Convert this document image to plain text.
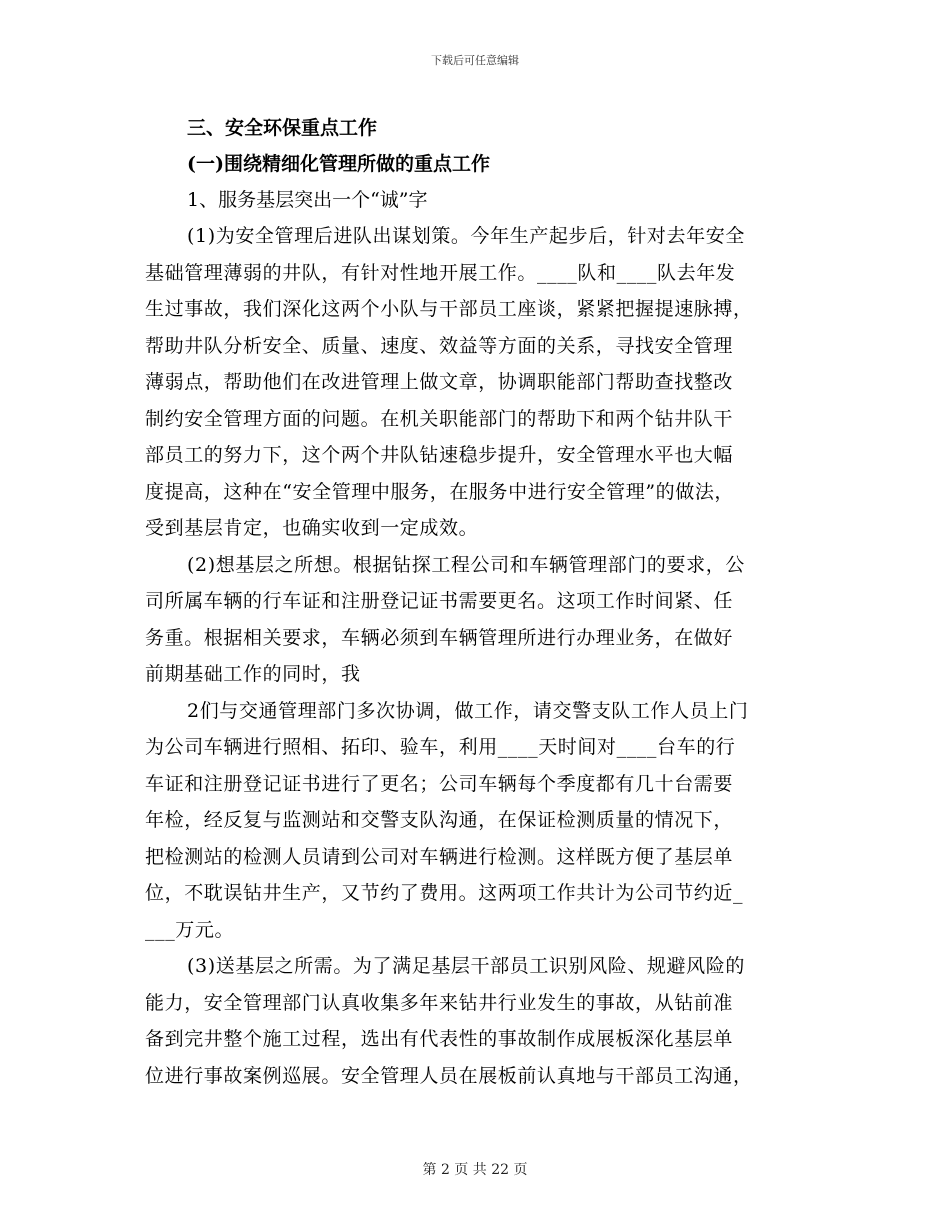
下载后可任意编辑

三、安全环保重点工作

(一)围绕精细化管理所做的重点工作

1、服务基层突出一个“诚”字

(1)为安全管理后进队出谋划策。今年生产起步后，针对去年安全

基础管理薄弱的井队，有针对性地开展工作。____队和____队去年发

生过事故，我们深化这两个小队与干部员工座谈，紧紧把握提速脉搏，

帮助井队分析安全、质量、速度、效益等方面的关系，寻找安全管理

薄弱点，帮助他们在改进管理上做文章，协调职能部门帮助查找整改

制约安全管理方面的问题。在机关职能部门的帮助下和两个钻井队干

部员工的努力下，这个两个井队钻速稳步提升，安全管理水平也大幅

度提高，这种在“安全管理中服务，在服务中进行安全管理”的做法，

受到基层肯定，也确实收到一定成效。

(2)想基层之所想。根据钻探工程公司和车辆管理部门的要求，公

司所属车辆的行车证和注册登记证书需要更名。这项工作时间紧、任

务重。根据相关要求，车辆必须到车辆管理所进行办理业务，在做好

前期基础工作的同时，我

2们与交通管理部门多次协调，做工作，请交警支队工作人员上门

为公司车辆进行照相、拓印、验车，利用____天时间对____台车的行

车证和注册登记证书进行了更名；公司车辆每个季度都有几十台需要

年检，经反复与监测站和交警支队沟通，在保证检测质量的情况下，

把检测站的检测人员请到公司对车辆进行检测。这样既方便了基层单

位，不耽误钻井生产，又节约了费用。这两项工作共计为公司节约近_

___万元。

(3)送基层之所需。为了满足基层干部员工识别风险、规避风险的

能力，安全管理部门认真收集多年来钻井行业发生的事故，从钻前准

备到完井整个施工过程，选出有代表性的事故制作成展板深化基层单

位进行事故案例巡展。安全管理人员在展板前认真地与干部员工沟通，

第 2 页 共 22 页
